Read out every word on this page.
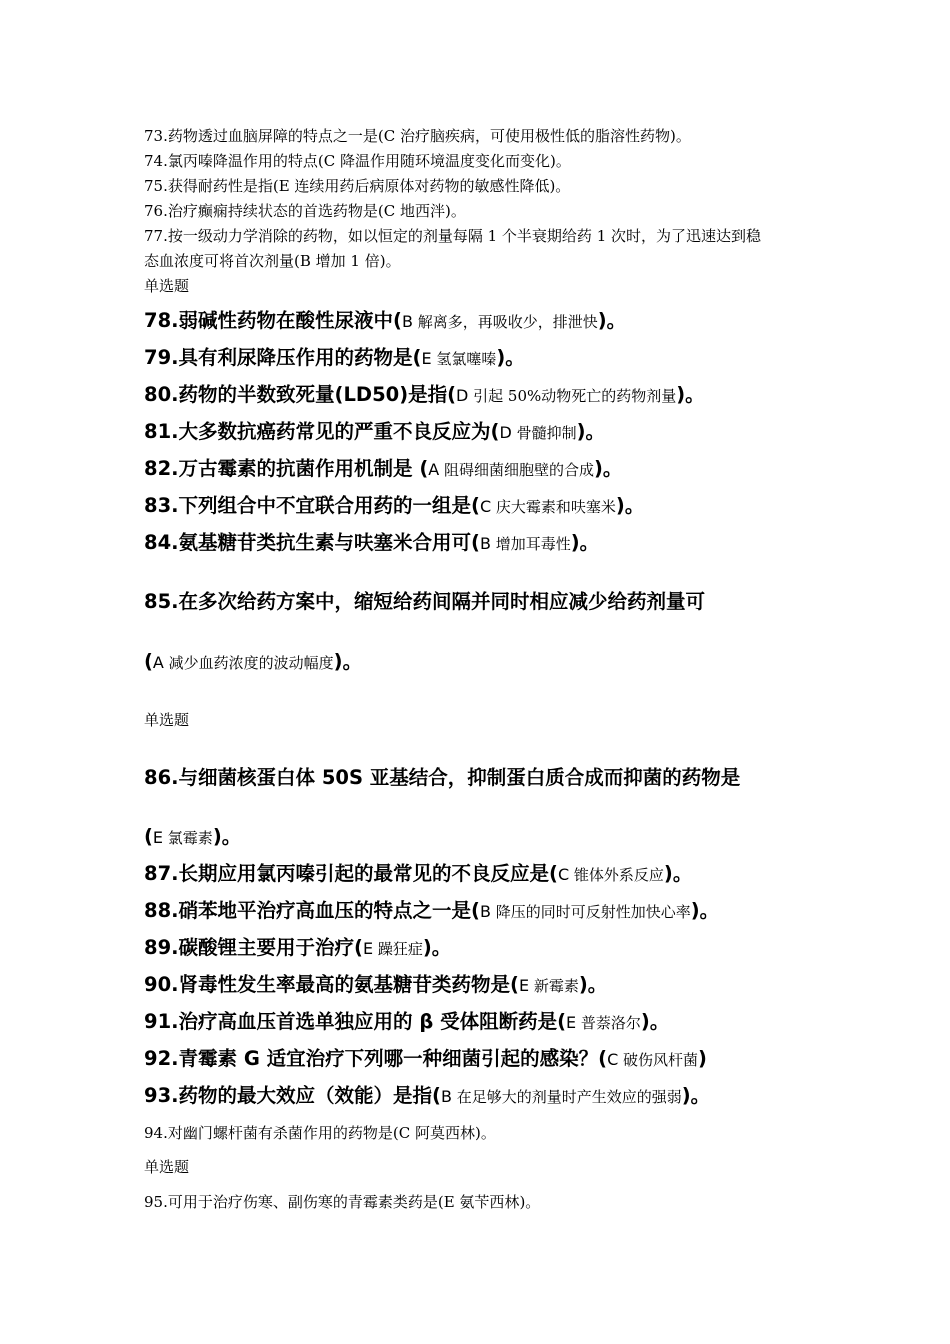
73.药物透过血脑屏障的特点之一是(C 治疗脑疾病，可使用极性低的脂溶性药物)。

74.氯丙嗪降温作用的特点(C 降温作用随环境温度变化而变化)。

75.获得耐药性是指(E 连续用药后病原体对药物的敏感性降低)。

76.治疗癫痫持续状态的首选药物是(C 地西泮)。

77.按一级动力学消除的药物，如以恒定的剂量每隔 1 个半衰期给药 1 次时，为了迅速达到稳

态血浓度可将首次剂量(B 增加 1 倍)。

单选题

78.弱碱性药物在酸性尿液中(B 解离多，再吸收少，排泄快)。

79.具有利尿降压作用的药物是(E 氢氯噻嗪)。

80.药物的半数致死量(LD50)是指(D 引起 50%动物死亡的药物剂量)。

81.大多数抗癌药常见的严重不良反应为(D 骨髓抑制)。

82.万古霉素的抗菌作用机制是 (A 阻碍细菌细胞壁的合成)。

83.下列组合中不宜联合用药的一组是(C 庆大霉素和呋塞米)。

84.氨基糖苷类抗生素与呋塞米合用可(B 增加耳毒性)。

85.在多次给药方案中，缩短给药间隔并同时相应减少给药剂量可

(A 减少血药浓度的波动幅度)。

单选题

86.与细菌核蛋白体 50S 亚基结合，抑制蛋白质合成而抑菌的药物是

(E 氯霉素)。

87.长期应用氯丙嗪引起的最常见的不良反应是(C 锥体外系反应)。

88.硝苯地平治疗高血压的特点之一是(B 降压的同时可反射性加快心率)。

89.碳酸锂主要用于治疗(E 躁狂症)。

90.肾毒性发生率最高的氨基糖苷类药物是(E 新霉素)。

91.治疗高血压首选单独应用的 β 受体阻断药是(E 普萘洛尔)。

92.青霉素 G 适宜治疗下列哪一种细菌引起的感染？(C 破伤风杆菌)

93.药物的最大效应（效能）是指(B 在足够大的剂量时产生效应的强弱)。

94.对幽门螺杆菌有杀菌作用的药物是(C 阿莫西林)。

单选题

95.可用于治疗伤寒、副伤寒的青霉素类药是(E 氨苄西林)。
